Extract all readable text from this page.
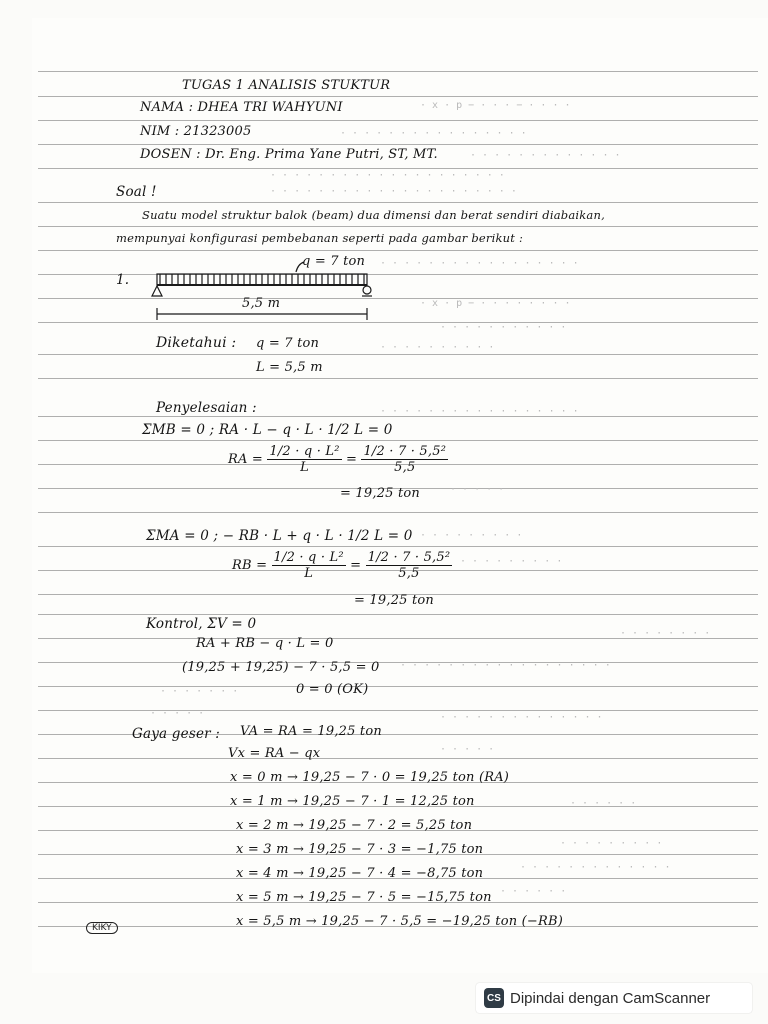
· x · p − · · · − · · · ·
· · · · · · · · · · · · · · · ·
· · · · · · · · · · · · ·
· · · · · · · · · · · · · · · · · · · ·
· · · · · · · · · · · · · · · · · · · · ·
· · · · · · · · · · · · · · · · ·
· x · p − · · · · · · · ·
· · · · · · · · · · ·
· · · · · · · · · ·
· · · · · · · · · · · · · · · · ·
· · · · ·
· · · · · · · · ·
· · · · · · · · ·
· · · · · · · ·
· · · · · · · · · · · · · · · · · ·
· · · · · · ·
· · · · · · · · · · · · · ·
· · · · ·
· · · · ·
· · · · · ·
· · · · · · · · ·
· · · · · · · · · · · · ·
· · · · · ·
TUGAS 1 ANALISIS STUKTUR
NAMA : DHEA TRI WAHYUNI
NIM : 21323005
DOSEN : Dr. Eng. Prima Yane Putri, ST, MT.
Soal !
Suatu model struktur balok (beam) dua dimensi dan berat sendiri diabaikan,
mempunyai konfigurasi pembebanan seperti pada gambar berikut :
1.
q = 7 ton
5,5 m
Diketahui : q = 7 ton
L = 5,5 m
Penyelesaian :
ΣMB = 0 ; RA · L − q · L · 1/2 L = 0
RA = $\frac{\text{1/2 · q · L²}}{L} = \frac{\text{1/2 · 7 · 5,5²}}{5,5}$
= 19,25 ton
ΣMA = 0 ; − RB · L + q · L · 1/2 L = 0
RB = $\frac{\text{1/2 · q · L²}}{L} = \frac{\text{1/2 · 7 · 5,5²}}{5,5}$
= 19,25 ton
Kontrol, ΣV = 0
RA + RB − q · L = 0
(19,25 + 19,25) − 7 · 5,5 = 0
0 = 0 (OK)
Gaya geser : VA = RA = 19,25 ton
Vx = RA − qx
x = 0 m → 19,25 − 7 · 0 = 19,25 ton (RA)
x = 1 m → 19,25 − 7 · 1 = 12,25 ton
x = 2 m → 19,25 − 7 · 2 = 5,25 ton
x = 3 m → 19,25 − 7 · 3 = −1,75 ton
x = 4 m → 19,25 − 7 · 4 = −8,75 ton
x = 5 m → 19,25 − 7 · 5 = −15,75 ton
x = 5,5 m → 19,25 − 7 · 5,5 = −19,25 ton (−RB)
KIKY
CS Dipindai dengan CamScanner
